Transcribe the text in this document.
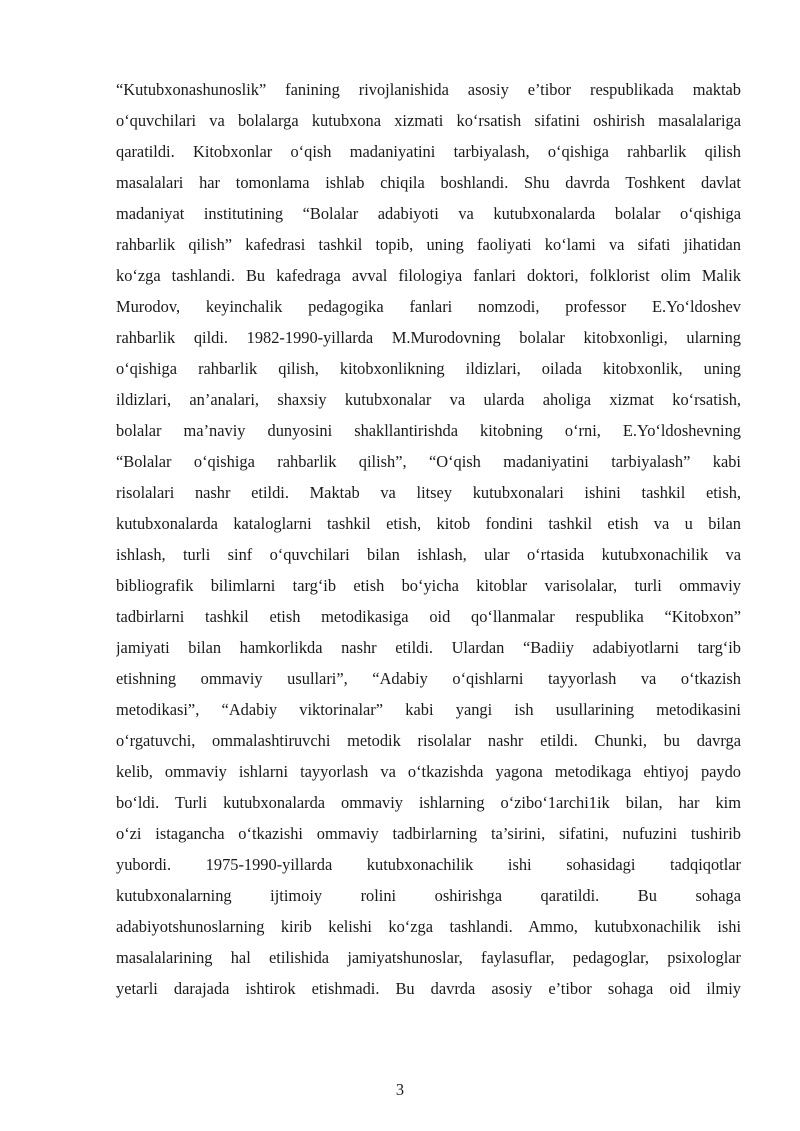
“Kutubxonashunoslik” fanining rivojlanishida asosiy e’tibor respublikada maktab
o‘quvchilari va bolalarga kutubxona xizmati ko‘rsatish sifatini oshirish masalalariga
qaratildi. Kitobxonlar o‘qish madaniyatini tarbiyalash, o‘qishiga rahbarlik qilish
masalalari har tomonlama ishlab chiqila boshlandi. Shu davrda Toshkent davlat
madaniyat institutining “Bolalar adabiyoti va kutubxonalarda bolalar o‘qishiga
rahbarlik qilish” kafedrasi tashkil topib, uning faoliyati ko‘lami va sifati jihatidan
ko‘zga tashlandi. Bu kafedraga avval filologiya fanlari doktori, folklorist olim Malik
Murodov, keyinchalik pedagogika fanlari nomzodi, professor E.Yo‘ldoshev
rahbarlik qildi. 1982-1990-yillarda M.Murodovning bolalar kitobxonligi, ularning
o‘qishiga rahbarlik qilish, kitobxonlikning ildizlari, oilada kitobxonlik, uning
ildizlari, an’analari, shaxsiy kutubxonalar va ularda aholiga xizmat ko‘rsatish,
bolalar ma’naviy dunyosini shakllantirishda kitobning o‘rni, E.Yo‘ldoshevning
“Bolalar o‘qishiga rahbarlik qilish”, “O‘qish madaniyatini tarbiyalash” kabi
risolalari nashr etildi. Maktab va litsey kutubxonalari ishini tashkil etish,
kutubxonalarda kataloglarni tashkil etish, kitob fondini tashkil etish va u bilan
ishlash, turli sinf o‘quvchilari bilan ishlash, ular o‘rtasida kutubxonachilik va
bibliografik bilimlarni targ‘ib etish bo‘yicha kitoblar varisolalar, turli ommaviy
tadbirlarni tashkil etish metodikasiga oid qo‘llanmalar respublika “Kitobxon”
jamiyati bilan hamkorlikda nashr etildi. Ulardan “Badiiy adabiyotlarni targ‘ib
etishning ommaviy usullari”, “Adabiy o‘qishlarni tayyorlash va o‘tkazish
metodikasi”, “Adabiy viktorinalar” kabi yangi ish usullarining metodikasini
o‘rgatuvchi, ommalashtiruvchi metodik risolalar nashr etildi. Chunki, bu davrga
kelib, ommaviy ishlarni tayyorlash va o‘tkazishda yagona metodikaga ehtiyoj paydo
bo‘ldi. Turli kutubxonalarda ommaviy ishlarning o‘zibo‘1archi1ik bilan, har kim
o‘zi istagancha o‘tkazishi ommaviy tadbirlarning ta’sirini, sifatini, nufuzini tushirib
yubordi. 1975-1990-yillarda kutubxonachilik ishi sohasidagi tadqiqotlar
kutubxonalarning ijtimoiy rolini oshirishga qaratildi. Bu sohaga
adabiyotshunoslarning kirib kelishi ko‘zga tashlandi. Ammo, kutubxonachilik ishi
masalalarining hal etilishida jamiyatshunoslar, faylasuflar, pedagoglar, psixologlar
yetarli darajada ishtirok etishmadi. Bu davrda asosiy e’tibor sohaga oid ilmiy
3
